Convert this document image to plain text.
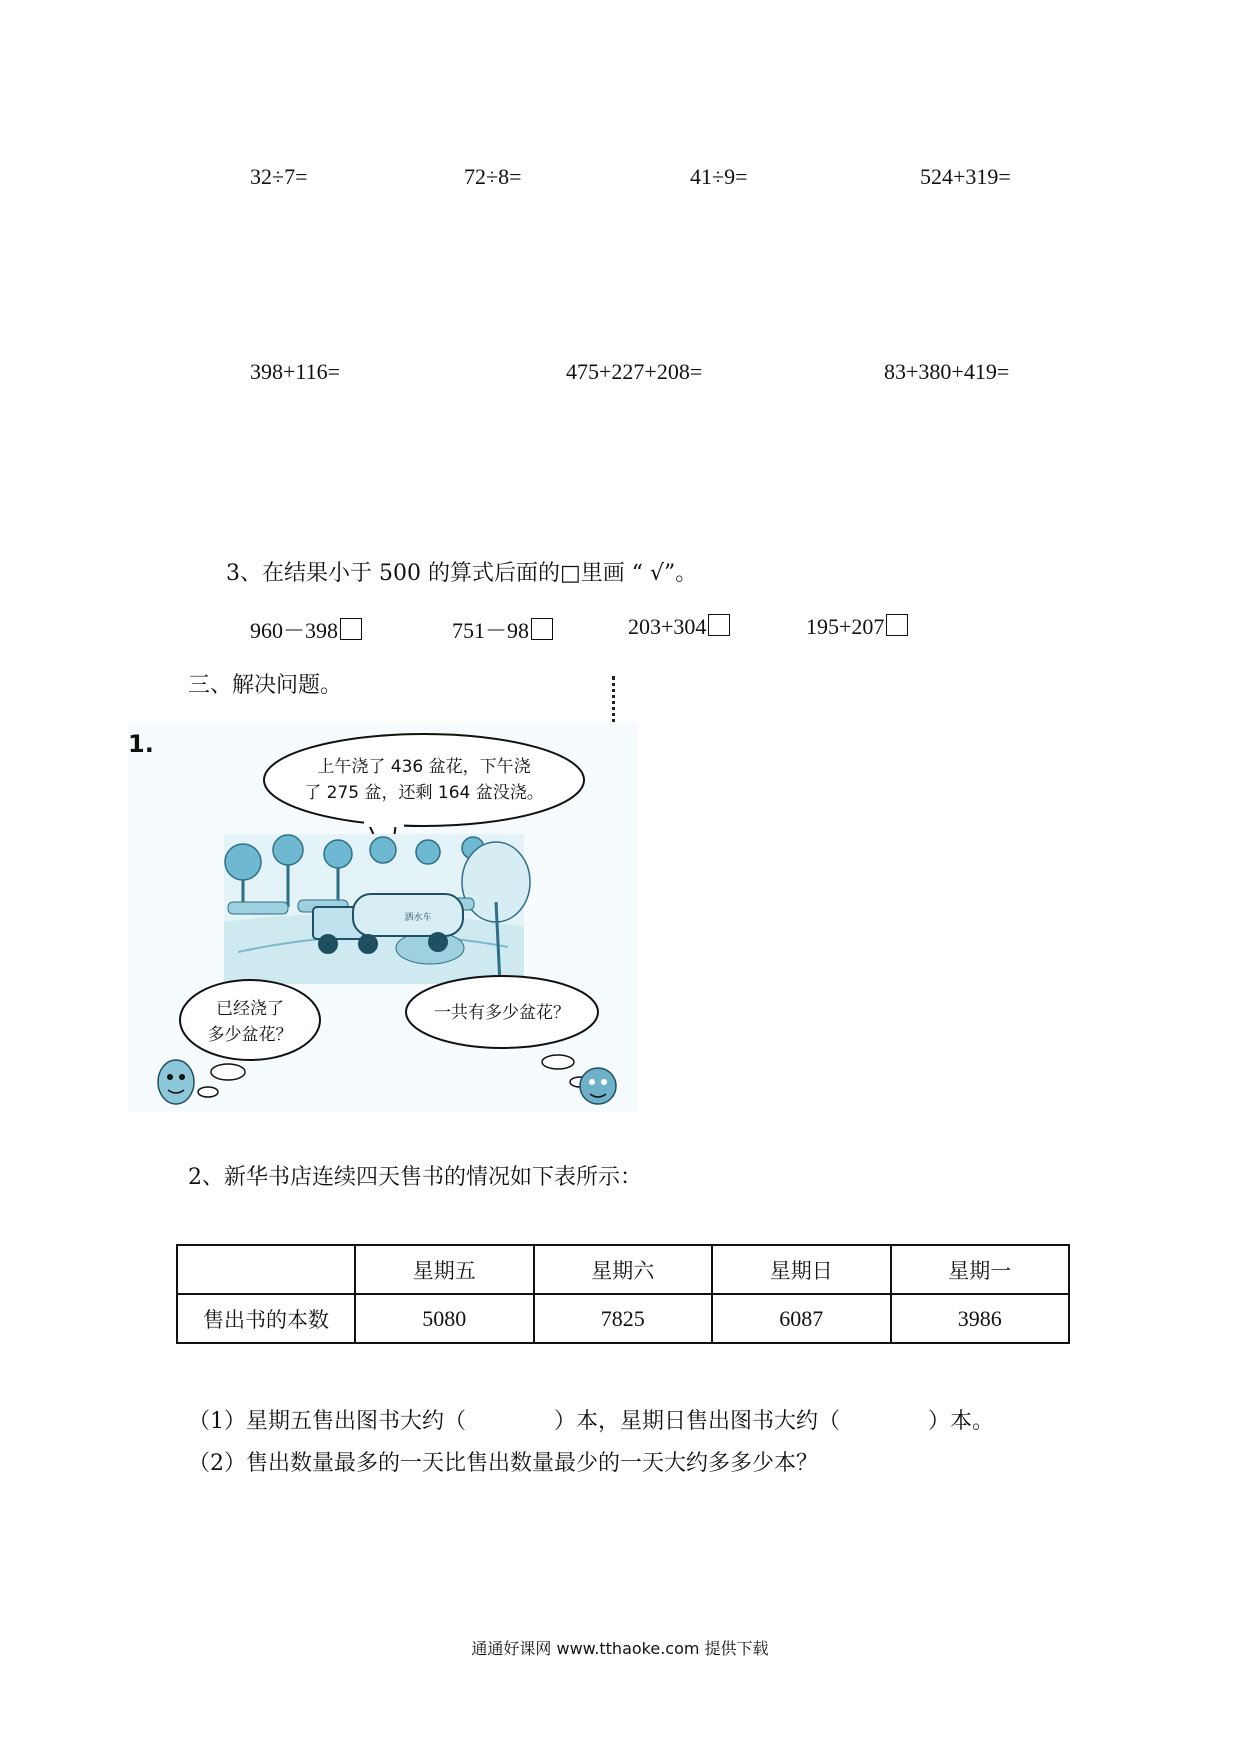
32÷7=	72÷8=	41÷9=	524+319=
398+116=	475+227+208=	83+380+419=
3、在结果小于 500 的算式后面的□里画 “ √”。
960－398	751－98	203+304	195+207
三、解决问题。
1.
上午浇了 436 盆花，下午浇
了 275 盆，还剩 164 盆没浇。
洒水车
已经浇了
多少盆花？
一共有多少盆花？
2、新华书店连续四天售书的情况如下表所示：
	星期五	星期六	星期日	星期一
售出书的本数	5080	7825	6087	3986
（1）星期五售出图书大约（　　　　）本，星期日售出图书大约（　　　　）本。
（2）售出数量最多的一天比售出数量最少的一天大约多多少本？
通通好课网 www.tthaoke.com 提供下载
